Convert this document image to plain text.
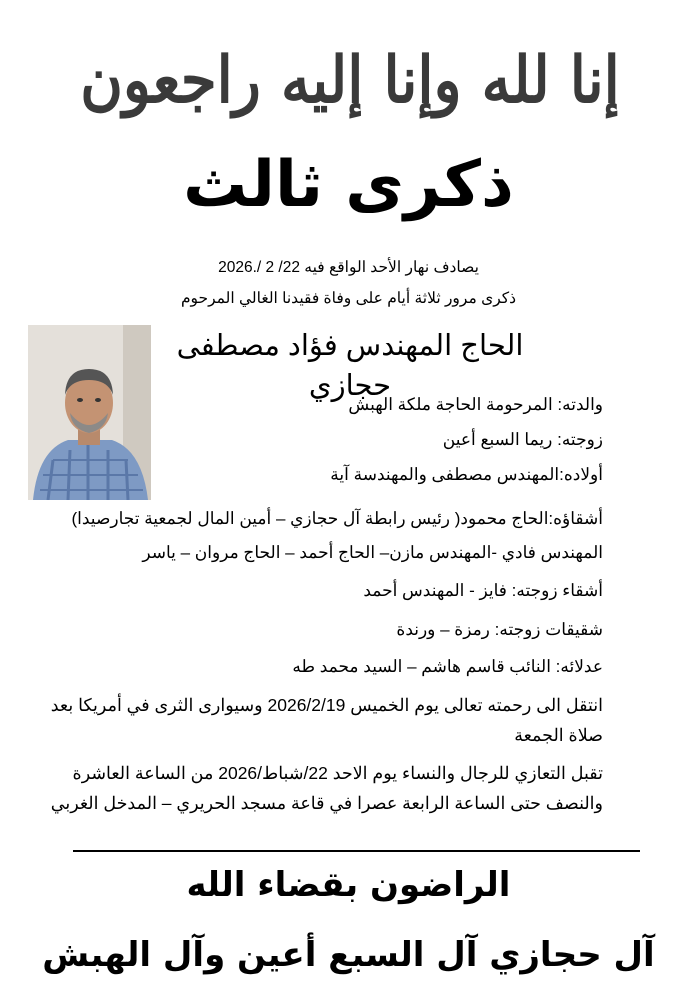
إنا لله وإنا إليه راجعون
ذكرى ثالث
يصادف نهار الأحد الواقع فيه 22/ 2 /.2026
ذكرى مرور ثلاثة أيام على وفاة فقيدنا الغالي المرحوم
الحاج المهندس فؤاد مصطفى حجازي
والدته: المرحومة الحاجة ملكة الهبش
زوجته: ريما السبع أعين
أولاده:المهندس مصطفى والمهندسة آية
أشقاؤه:الحاج محمود( رئيس رابطة آل حجازي – أمين المال لجمعية تجارصيدا)
المهندس فادي -المهندس مازن– الحاج أحمد – الحاج مروان – ياسر
أشقاء زوجته: فايز - المهندس أحمد
شقيقات زوجته: رمزة – ورندة
عدلائه: النائب قاسم هاشم – السيد محمد طه
انتقل الى رحمته تعالى يوم الخميس 2026/2/19 وسيوارى الثرى في أمريكا بعد صلاة الجمعة
تقبل التعازي للرجال والنساء يوم الاحد 22/شباط/2026 من الساعة العاشرة والنصف حتى الساعة الرابعة عصرا في قاعة مسجد الحريري – المدخل الغربي
الراضون بقضاء الله
آل حجازي آل السبع أعين وآل الهبش
